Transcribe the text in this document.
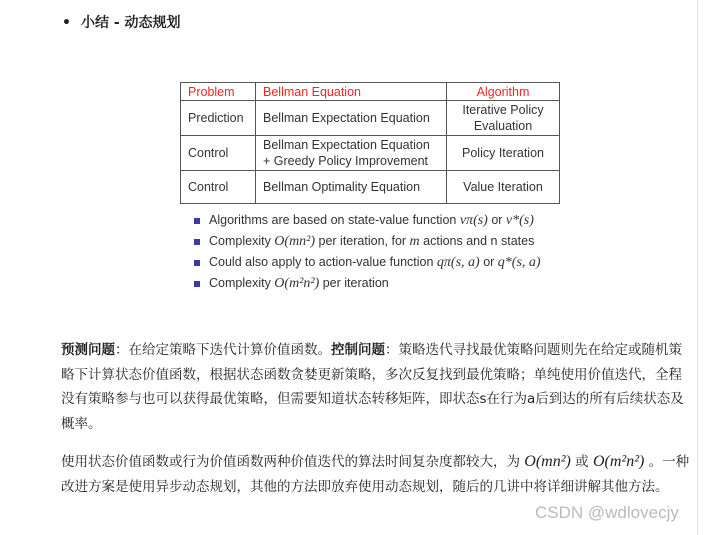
• 小结 - 动态规划
Problem	Bellman Equation	Algorithm
Prediction	Bellman Expectation Equation	Iterative Policy Evaluation
Control	Bellman Expectation Equation + Greedy Policy Improvement	Policy Iteration
Control	Bellman Optimality Equation	Value Iteration
Algorithms are based on state-value function vπ(s) or v*(s)
Complexity O(mn²) per iteration, for m actions and n states
Could also apply to action-value function qπ(s, a) or q*(s, a)
Complexity O(m²n²) per iteration
预测问题：在给定策略下迭代计算价值函数。控制问题：策略迭代寻找最优策略问题则先在给定或随机策略下计算状态价值函数，根据状态函数贪婪更新策略，多次反复找到最优策略；单纯使用价值迭代，全程没有策略参与也可以获得最优策略，但需要知道状态转移矩阵，即状态s在行为a后到达的所有后续状态及概率。
使用状态价值函数或行为价值函数两种价值迭代的算法时间复杂度都较大，为 O(mn²) 或 O(m²n²) 。一种改进方案是使用异步动态规划，其他的方法即放弃使用动态规划，随后的几讲中将详细讲解其他方法。
CSDN @wdlovecjy
